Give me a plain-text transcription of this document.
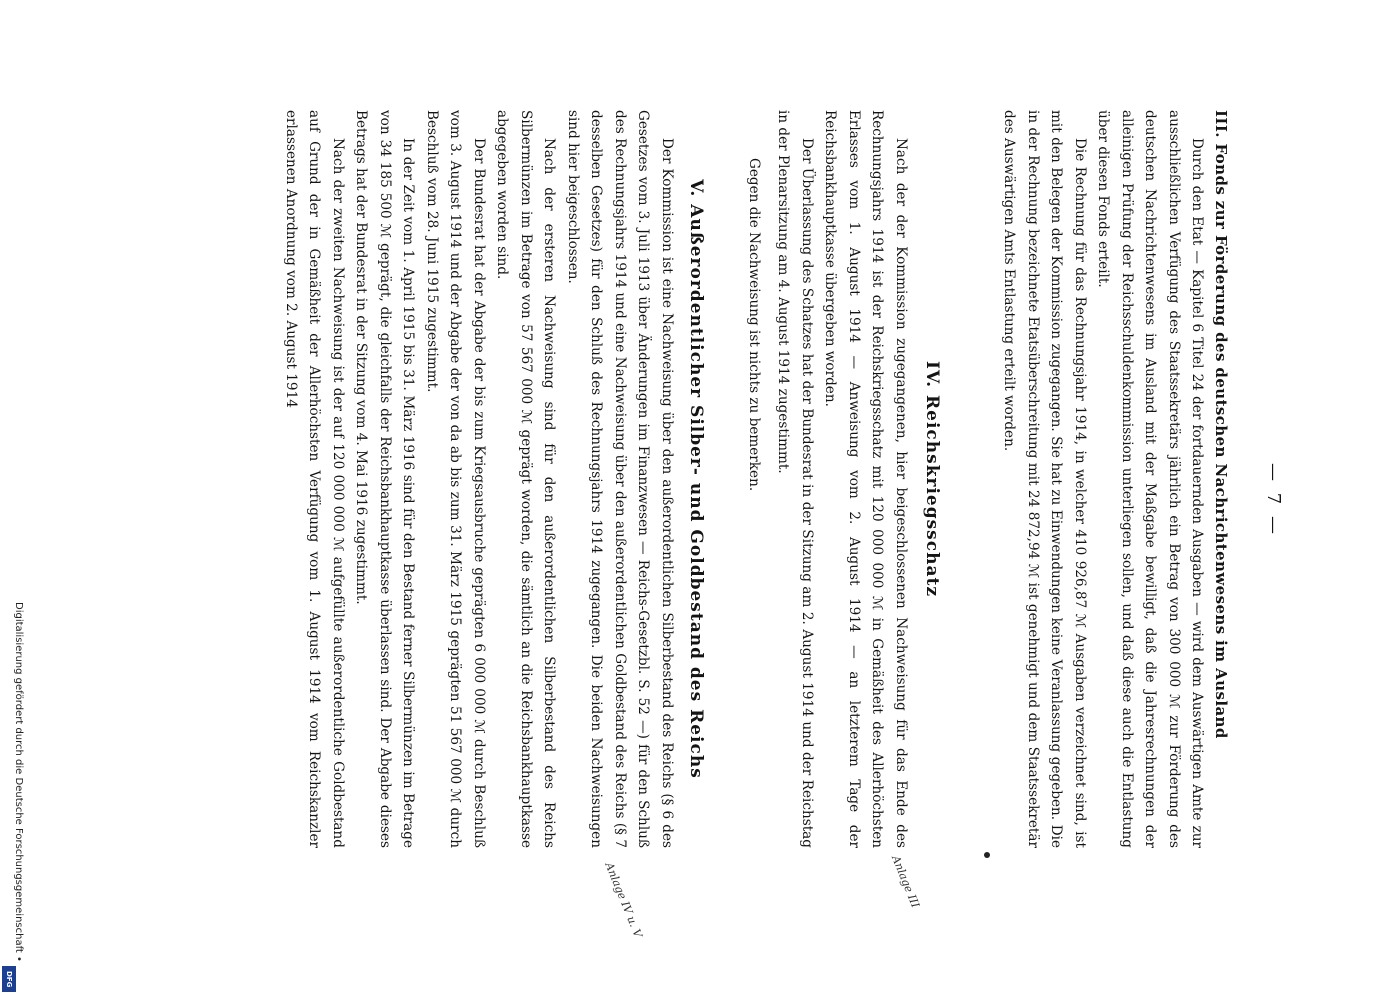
— 7 —

III. Fonds zur Förderung des deutschen Nachrichtenwesens im Ausland

Durch den Etat — Kapitel 6 Titel 24 der fortdauernden Ausgaben — wird dem Auswärtigen Amte zur ausschließlichen Verfügung des Staatssekretärs jährlich ein Betrag von 300 000 ℳ zur Förderung des deutschen Nachrichtenwesens im Ausland mit der Maßgabe bewilligt, daß die Jahresrechnungen der alleinigen Prüfung der Reichsschuldenkommission unterliegen sollen, und daß diese auch die Entlastung über diesen Fonds erteilt.

Die Rechnung für das Rechnungsjahr 1914, in welcher 410 926,87 ℳ Ausgaben verzeichnet sind, ist mit den Belegen der Kommission zugegangen. Sie hat zu Einwendungen keine Veranlassung gegeben. Die in der Rechnung bezeichnete Etatsüberschreitung mit 24 872,94 ℳ ist genehmigt und dem Staatssekretär des Auswärtigen Amts Entlastung erteilt worden.

IV. Reichskriegsschatz

Nach der der Kommission zugegangenen, hier beigeschlossenen Nachweisung für das Ende des Rechnungsjahrs 1914 ist der Reichskriegsschatz mit 120 000 000 ℳ in Gemäßheit des Allerhöchsten Erlasses vom 1. August 1914 — Anweisung vom 2. August 1914 — an letzterem Tage der Reichsbankhauptkasse übergeben worden.

Der Überlassung des Schatzes hat der Bundesrat in der Sitzung am 2. August 1914 und der Reichstag in der Plenarsitzung am 4. August 1914 zugestimmt.

Gegen die Nachweisung ist nichts zu bemerken.
V. Außerordentlicher Silber- und Goldbestand des Reichs

Der Kommission ist eine Nachweisung über den außerordentlichen Silberbestand des Reichs (§ 6 des Gesetzes vom 3. Juli 1913 über Änderungen im Finanzwesen — Reichs-Gesetzbl. S. 52 —) für den Schluß des Rechnungsjahrs 1914 und eine Nachweisung über den außerordentlichen Goldbestand des Reichs (§ 7 desselben Gesetzes) für den Schluß des Rechnungsjahrs 1914 zugegangen. Die beiden Nachweisungen sind hier beigeschlossen.

Nach der ersteren Nachweisung sind für den außerordentlichen Silberbestand des Reichs Silbermünzen im Betrage von 57 567 000 ℳ geprägt worden, die sämtlich an die Reichsbankhauptkasse abgegeben worden sind.

Der Bundesrat hat der Abgabe der bis zum Kriegsausbruche geprägten 6 000 000 ℳ durch Beschluß vom 3. August 1914 und der Abgabe der von da ab bis zum 31. März 1915 geprägten 51 567 000 ℳ durch Beschluß vom 28. Juni 1915 zugestimmt.

In der Zeit vom 1. April 1915 bis 31. März 1916 sind für den Bestand ferner Silbermünzen im Betrage von 34 185 500 ℳ geprägt, die gleichfalls der Reichsbankhauptkasse überlassen sind. Der Abgabe dieses Betrags hat der Bundesrat in der Sitzung vom 4. Mai 1916 zugestimmt.

Nach der zweiten Nachweisung ist der auf 120 000 000 ℳ aufgefüllte außerordentliche Goldbestand auf Grund der in Gemäßheit der Allerhöchsten Verfügung vom 1. August 1914 vom Reichskanzler erlassenen Anordnung vom 2. August 1914

Anlage III
Anlage IV u. V
Digitalisierung gefördert durch die Deutsche Forschungsgemeinschaft •
DFG
